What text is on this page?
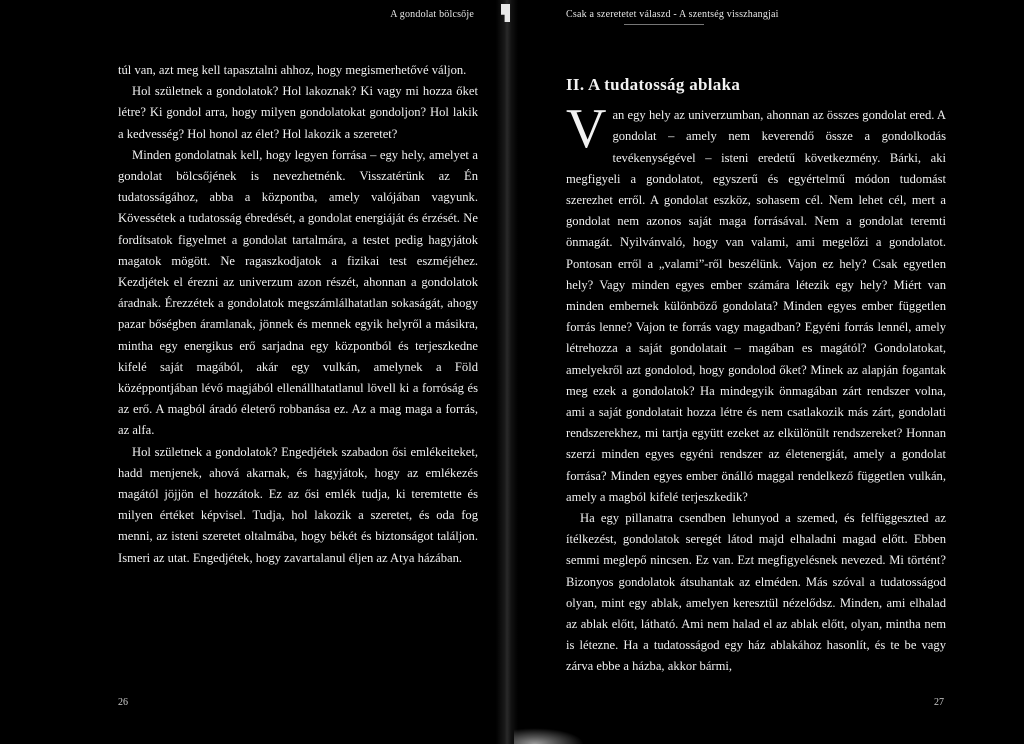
A gondolat bölcsője

túl van, azt meg kell tapasztalni ahhoz, hogy megismerhetővé váljon.

Hol születnek a gondolatok? Hol lakoznak? Ki vagy mi hozza őket létre? Ki gondol arra, hogy milyen gondolatokat gondoljon? Hol lakik a kedvesség? Hol honol az élet? Hol lakozik a szeretet?

Minden gondolatnak kell, hogy legyen forrása – egy hely, amelyet a gondolat bölcsőjének is nevezhetnénk. Visszatérünk az Én tudatosságához, abba a központba, amely valójában vagyunk. Kövessétek a tudatosság ébredését, a gondolat energiáját és érzését. Ne fordítsatok figyelmet a gondolat tartalmára, a testet pedig hagyjátok magatok mögött. Ne ragaszkodjatok a fizikai test eszméjéhez. Kezdjétek el érezni az univerzum azon részét, ahonnan a gondolatok áradnak. Érezzétek a gondolatok megszámlálhatatlan sokaságát, ahogy pazar bőségben áramlanak, jönnek és mennek egyik helyről a másikra, mintha egy energikus erő sarjadna egy központból és terjeszkedne kifelé saját magából, akár egy vulkán, amelynek a Föld középpontjában lévő magjából ellenállhatatlanul lövell ki a forróság és az erő. A magból áradó életerő robbanása ez. Az a mag maga a forrás, az alfa.

Hol születnek a gondolatok? Engedjétek szabadon ősi emlékeiteket, hadd menjenek, ahová akarnak, és hagyjátok, hogy az emlékezés magától jöjjön el hozzátok. Ez az ősi emlék tudja, ki teremtette és milyen értéket képvisel. Tudja, hol lakozik a szeretet, és oda fog menni, az isteni szeretet oltalmába, hogy békét és biztonságot találjon. Ismeri az utat. Engedjétek, hogy zavartalanul éljen az Atya házában.

26
Csak a szeretetet válaszd - A szentség visszhangjai
II. A tudatosság ablaka

Van egy hely az univerzumban, ahonnan az összes gondolat ered. A gondolat – amely nem keverendő össze a gondolkodás tevékenységével – isteni eredetű következmény. Bárki, aki megfigyeli a gondolatot, egyszerű és egyértelmű módon tudomást szerezhet erről. A gondolat eszköz, sohasem cél. Nem lehet cél, mert a gondolat nem azonos saját maga forrásával. Nem a gondolat teremti önmagát. Nyilvánvaló, hogy van valami, ami megelőzi a gondolatot. Pontosan erről a „valami”-ről beszélünk. Vajon ez hely? Csak egyetlen hely? Vagy minden egyes ember számára létezik egy hely? Miért van minden embernek különböző gondolata? Minden egyes ember független forrás lenne? Vajon te forrás vagy magadban? Egyéni forrás lennél, amely létrehozza a saját gondolatait – magában es magától? Gondolatokat, amelyekről azt gondolod, hogy gondolod őket? Minek az alapján fogantak meg ezek a gondolatok? Ha mindegyik önmagában zárt rendszer volna, ami a saját gondolatait hozza létre és nem csatlakozik más zárt, gondolati rendszerekhez, mi tartja együtt ezeket az elkülönült rendszereket? Honnan szerzi minden egyes egyéni rendszer az életenergiát, amely a gondolat forrása? Minden egyes ember önálló maggal rendelkező független vulkán, amely a magból kifelé terjeszkedik?

Ha egy pillanatra csendben lehunyod a szemed, és felfüggeszted az ítélkezést, gondolatok seregét látod majd elhaladni magad előtt. Ebben semmi meglepő nincsen. Ez van. Ezt megfigyelésnek nevezed. Mi történt? Bizonyos gondolatok átsuhantak az elméden. Más szóval a tudatosságod olyan, mint egy ablak, amelyen keresztül nézelődsz. Minden, ami elhalad az ablak előtt, látható. Ami nem halad el az ablak előtt, olyan, mintha nem is létezne. Ha a tudatosságod egy ház ablakához hasonlít, és te be vagy zárva ebbe a házba, akkor bármi,

27
